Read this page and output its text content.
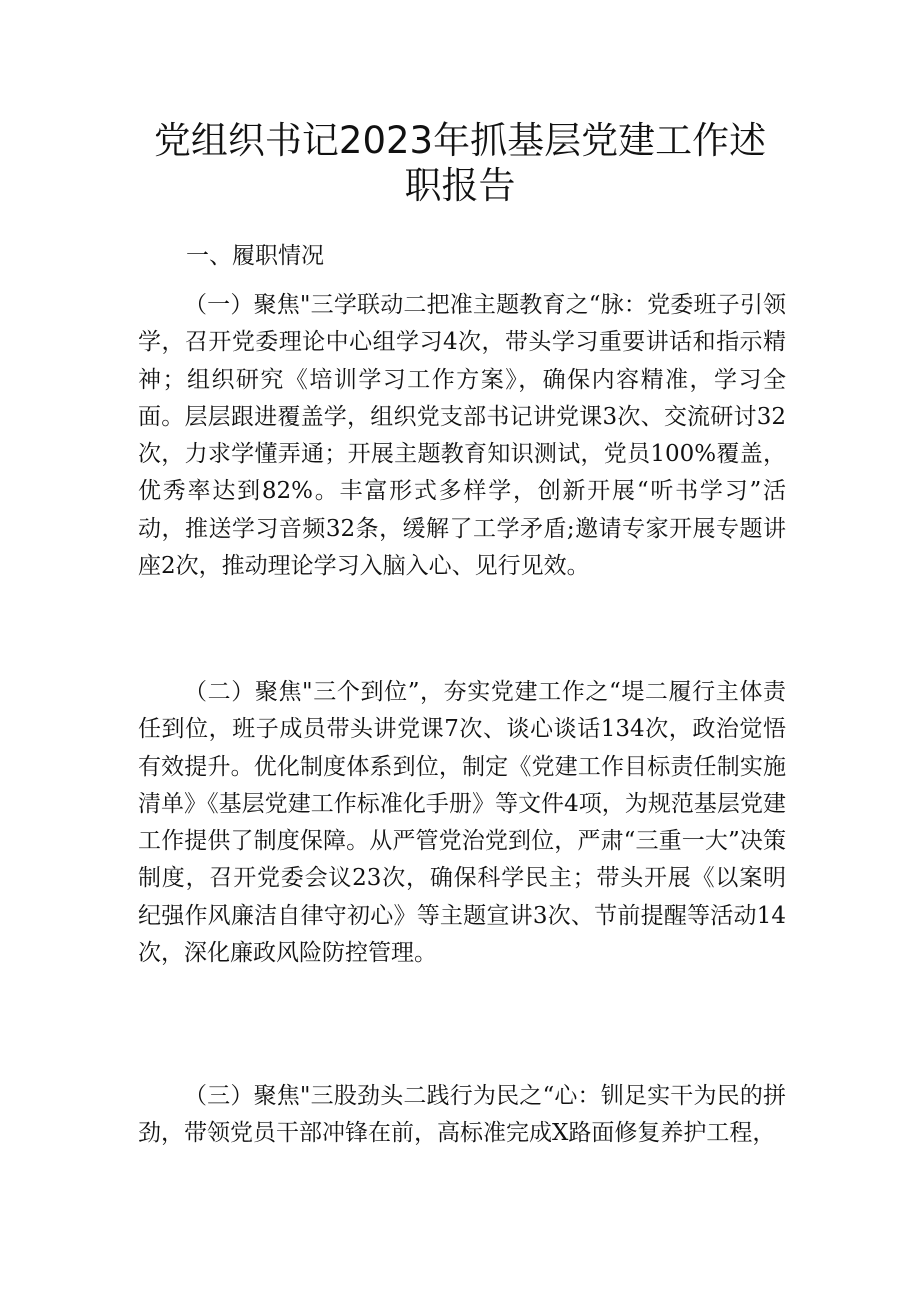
党组织书记2023年抓基层党建工作述职报告
一、履职情况

（一）聚焦"三学联动二把准主题教育之“脉：党委班子引领学，召开党委理论中心组学习4次，带头学习重要讲话和指示精神；组织研究《培训学习工作方案》，确保内容精准，学习全面。层层跟进覆盖学，组织党支部书记讲党课3次、交流研讨32次，力求学懂弄通；开展主题教育知识测试，党员100%覆盖，优秀率达到82%。丰富形式多样学，创新开展“听书学习”活动，推送学习音频32条，缓解了工学矛盾;邀请专家开展专题讲座2次，推动理论学习入脑入心、见行见效。

（二）聚焦"三个到位”，夯实党建工作之“堤二履行主体责任到位，班子成员带头讲党课7次、谈心谈话134次，政治觉悟有效提升。优化制度体系到位，制定《党建工作目标责任制实施清单》《基层党建工作标准化手册》等文件4项，为规范基层党建工作提供了制度保障。从严管党治党到位，严肃“三重一大”决策制度，召开党委会议23次，确保科学民主；带头开展《以案明纪强作风廉洁自律守初心》等主题宣讲3次、节前提醒等活动14次，深化廉政风险防控管理。

（三）聚焦"三股劲头二践行为民之“心：钏足实干为民的拼劲，带领党员干部冲锋在前，高标准完成X路面修复养护工程，
